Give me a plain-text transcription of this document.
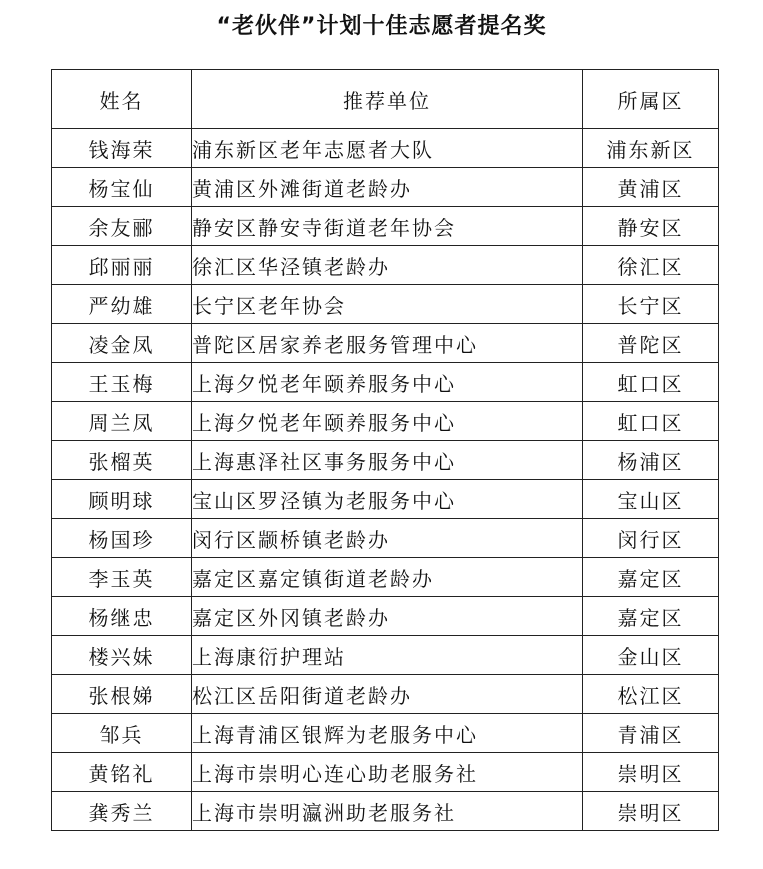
“老伙伴”计划十佳志愿者提名奖
姓名	推荐单位	所属区
钱海荣	浦东新区老年志愿者大队	浦东新区
杨宝仙	黄浦区外滩街道老龄办	黄浦区
余友郦	静安区静安寺街道老年协会	静安区
邱丽丽	徐汇区华泾镇老龄办	徐汇区
严幼雄	长宁区老年协会	长宁区
凌金凤	普陀区居家养老服务管理中心	普陀区
王玉梅	上海夕悦老年颐养服务中心	虹口区
周兰凤	上海夕悦老年颐养服务中心	虹口区
张榴英	上海惠泽社区事务服务中心	杨浦区
顾明球	宝山区罗泾镇为老服务中心	宝山区
杨国珍	闵行区颛桥镇老龄办	闵行区
李玉英	嘉定区嘉定镇街道老龄办	嘉定区
杨继忠	嘉定区外冈镇老龄办	嘉定区
楼兴妹	上海康衍护理站	金山区
张根娣	松江区岳阳街道老龄办	松江区
邹兵	上海青浦区银辉为老服务中心	青浦区
黄铭礼	上海市崇明心连心助老服务社	崇明区
龚秀兰	上海市崇明瀛洲助老服务社	崇明区
